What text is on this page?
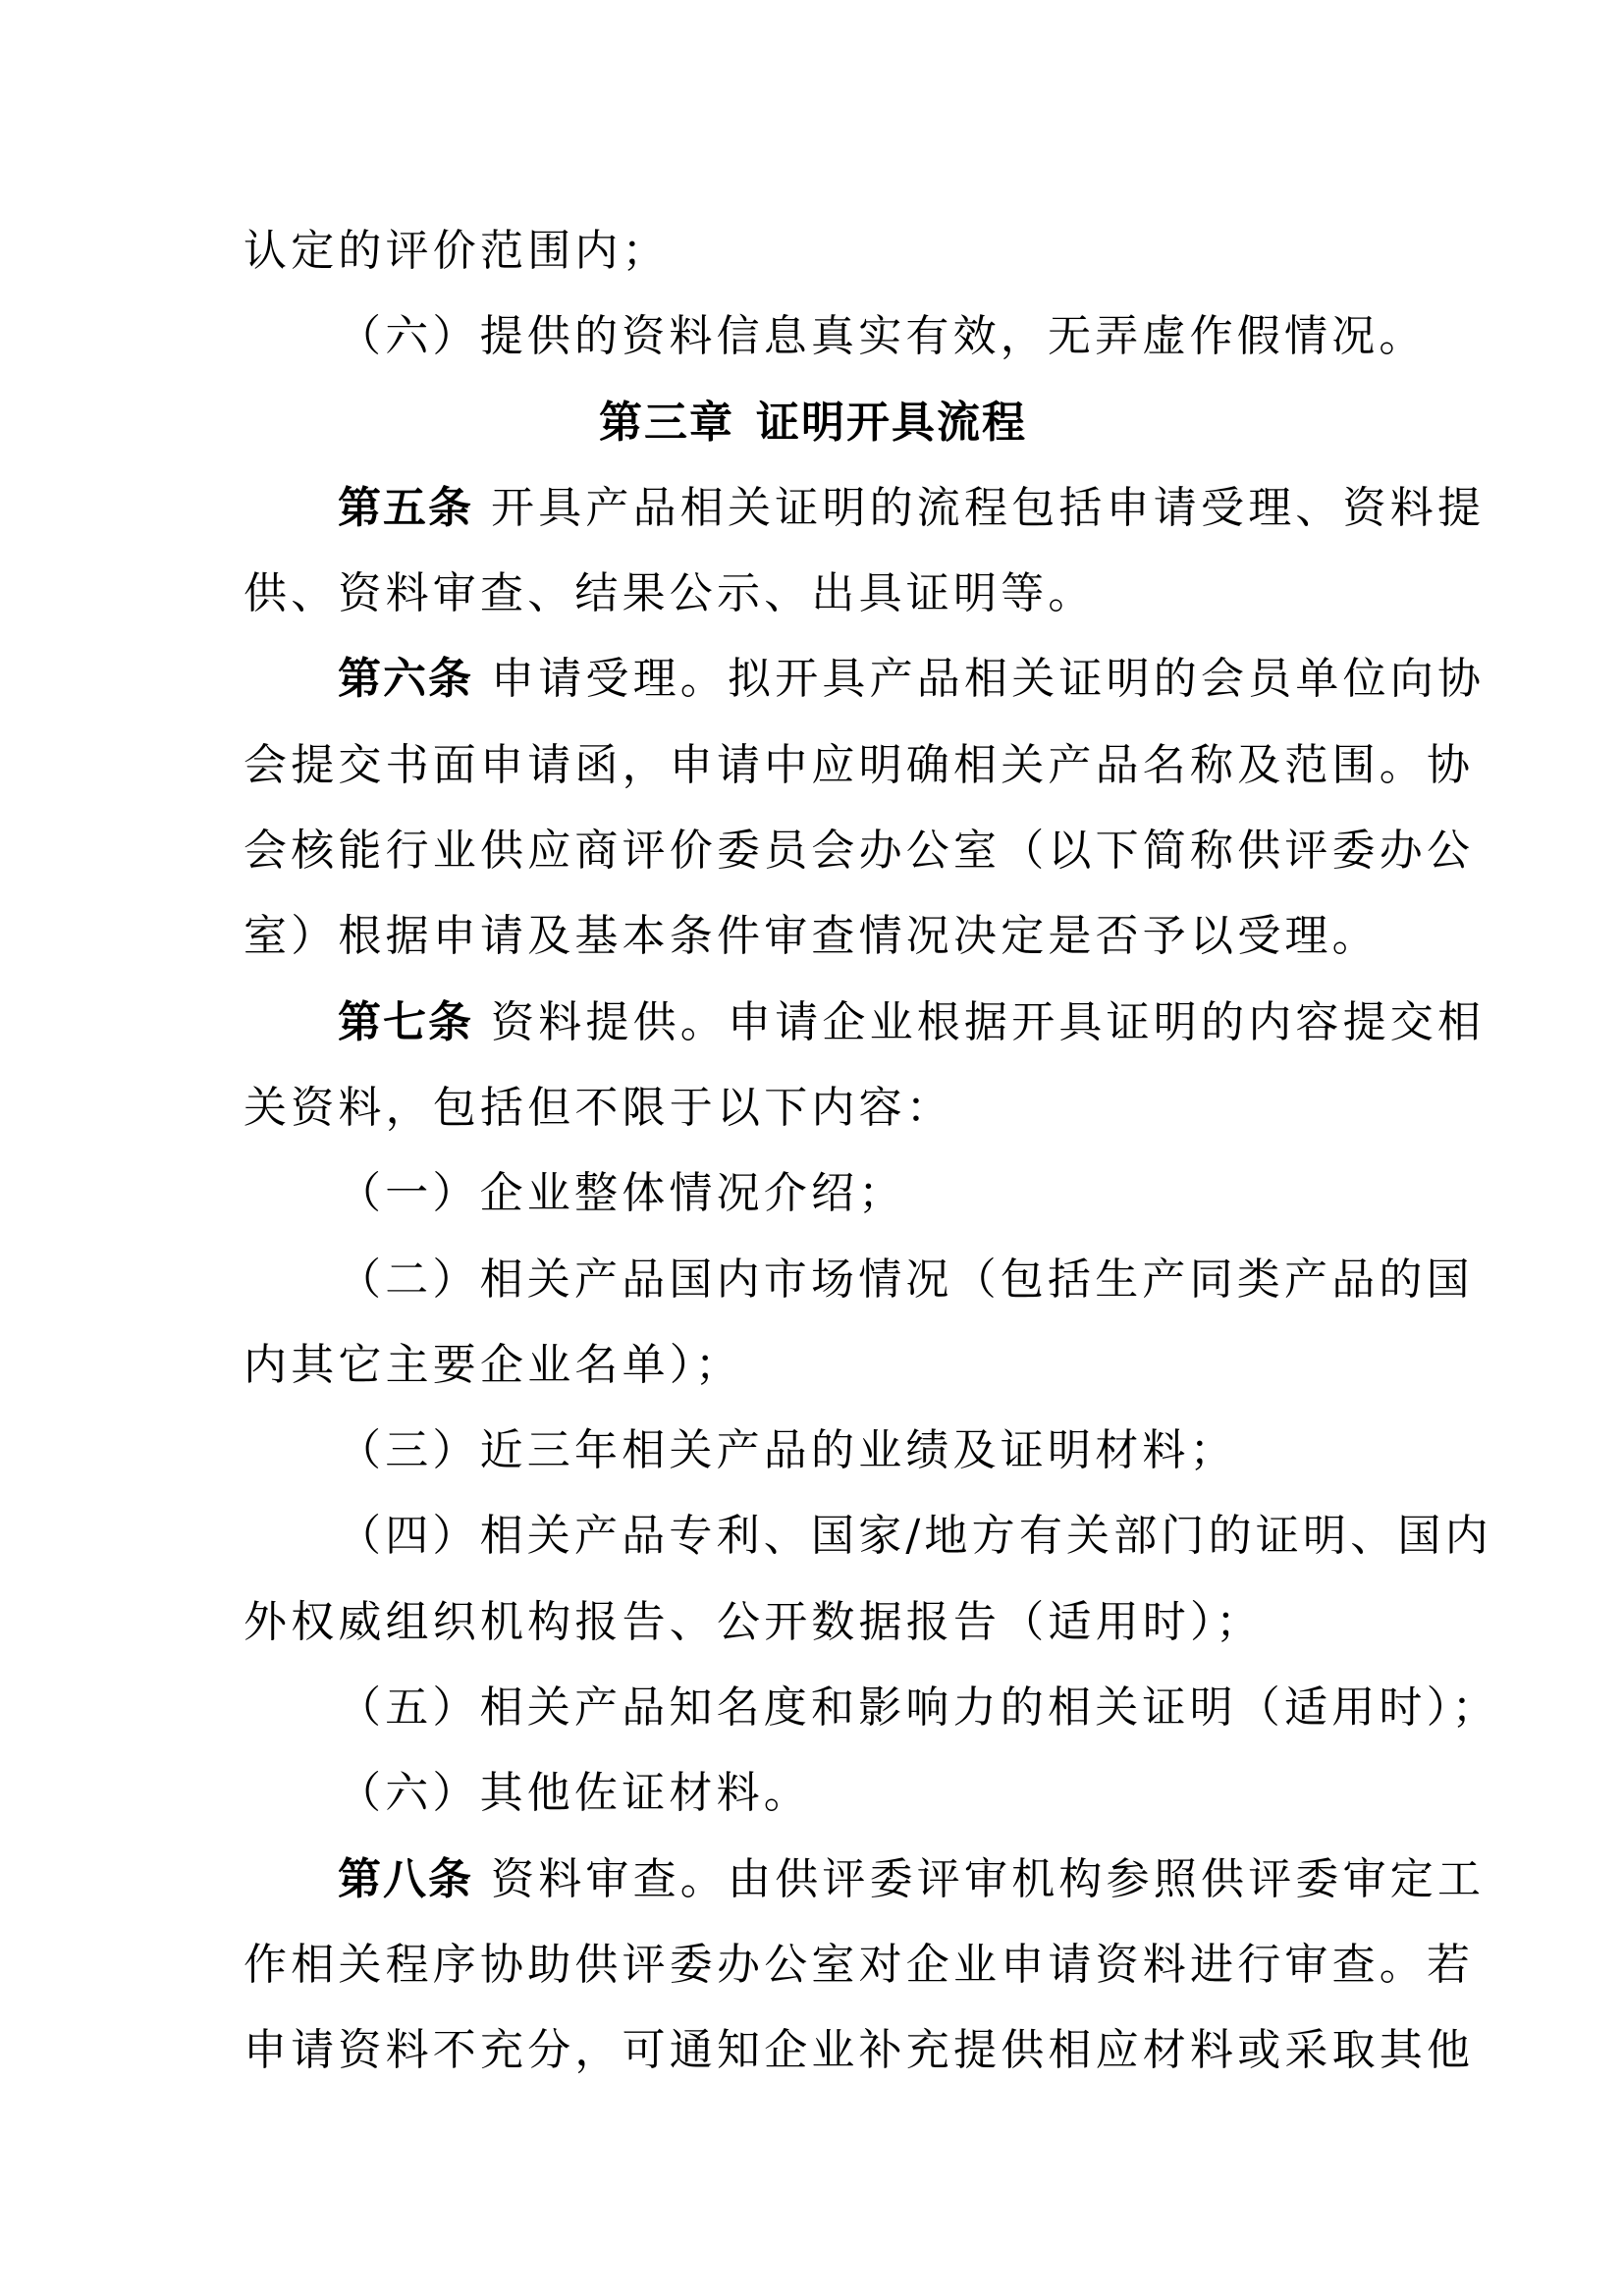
认定的评价范围内；
（六）提供的资料信息真实有效，无弄虚作假情况。
第三章 证明开具流程
第五条 开具产品相关证明的流程包括申请受理、资料提
供、资料审查、结果公示、出具证明等。
第六条 申请受理。拟开具产品相关证明的会员单位向协
会提交书面申请函，申请中应明确相关产品名称及范围。协
会核能行业供应商评价委员会办公室（以下简称供评委办公
室）根据申请及基本条件审查情况决定是否予以受理。
第七条 资料提供。申请企业根据开具证明的内容提交相
关资料，包括但不限于以下内容：
（一）企业整体情况介绍；
（二）相关产品国内市场情况（包括生产同类产品的国
内其它主要企业名单）；
（三）近三年相关产品的业绩及证明材料；
（四）相关产品专利、国家/地方有关部门的证明、国内
外权威组织机构报告、公开数据报告（适用时）；
（五）相关产品知名度和影响力的相关证明（适用时）；
（六）其他佐证材料。
第八条 资料审查。由供评委评审机构参照供评委审定工
作相关程序协助供评委办公室对企业申请资料进行审查。若
申请资料不充分，可通知企业补充提供相应材料或采取其他
